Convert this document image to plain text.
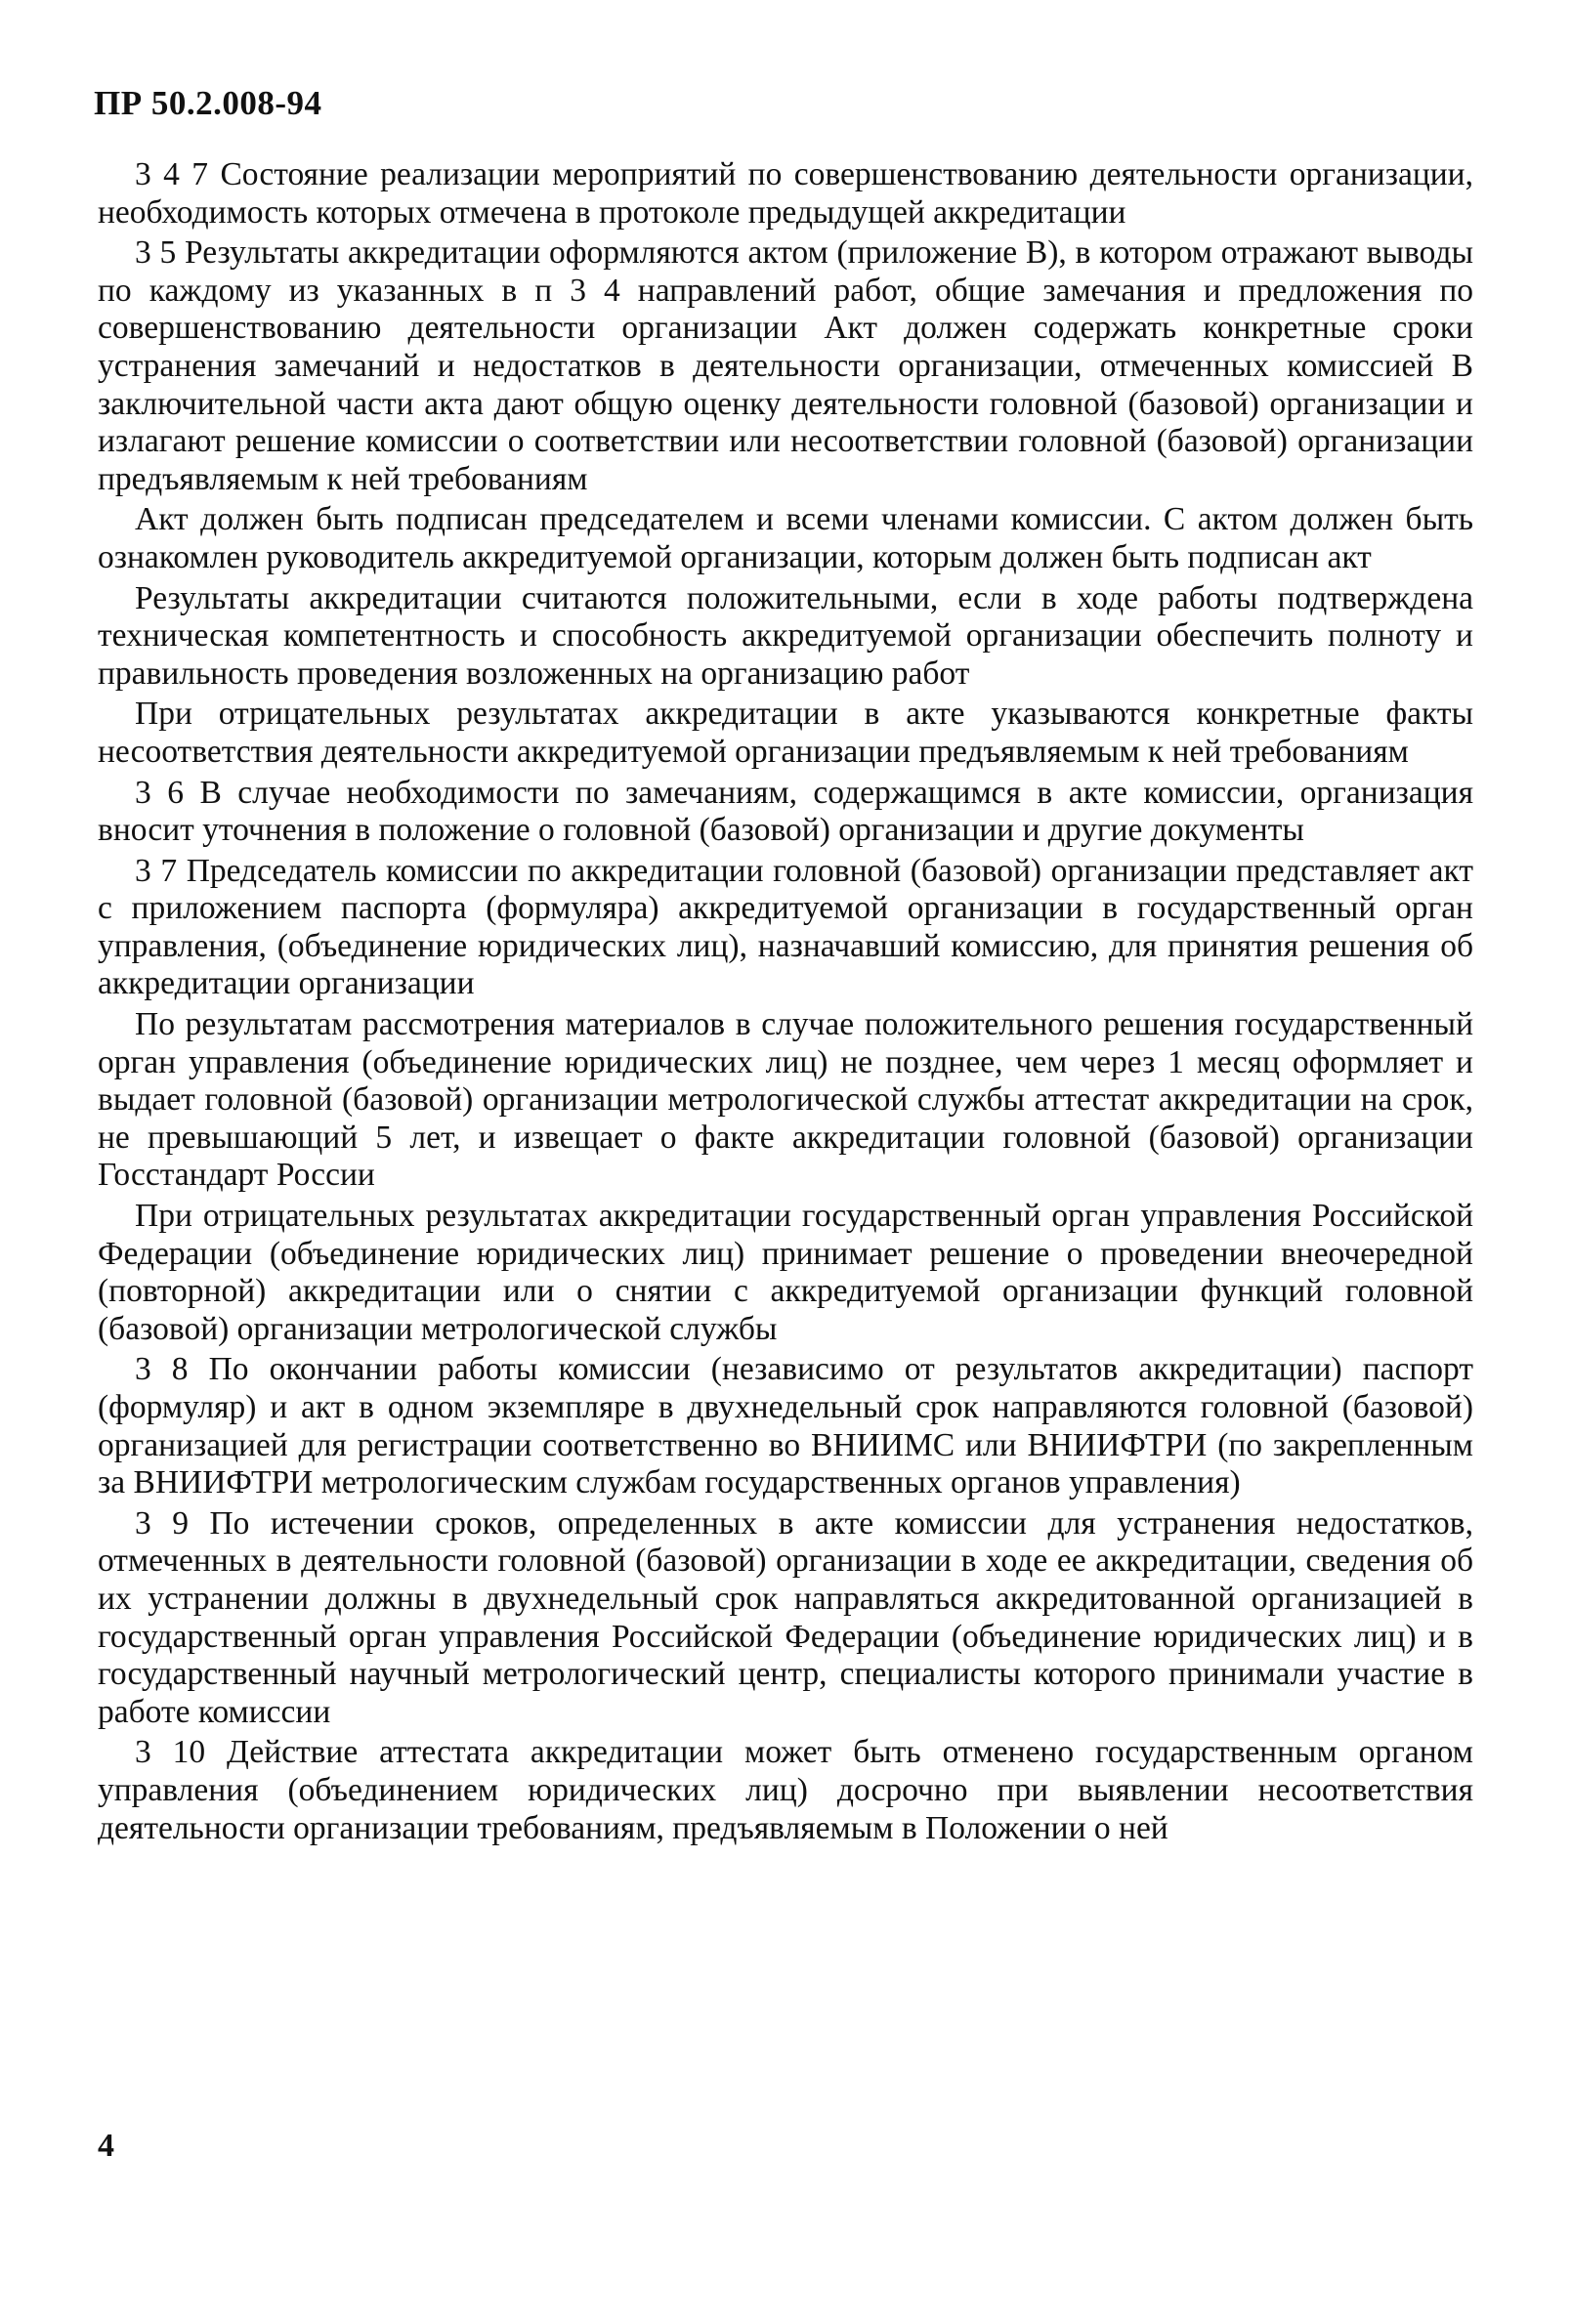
ПР 50.2.008-94

3 4 7 Состояние реализации мероприятий по совершенствованию деятельности организации, необходимость которых отмечена в протоколе предыдущей аккредитации

3 5 Результаты аккредитации оформляются актом (приложение В), в котором отражают выводы по каждому из указанных в п 3 4 направлений работ, общие замечания и предложения по совершенствованию деятельности организации Акт должен содержать конкретные сроки устранения замечаний и недостатков в деятельности организации, отмеченных комиссией В заключительной части акта дают общую оценку деятельности головной (базовой) организации и излагают решение комиссии о соответствии или несоответствии головной (базовой) организации предъявляемым к ней требованиям

Акт должен быть подписан председателем и всеми членами комиссии. С актом должен быть ознакомлен руководитель аккредитуемой организации, которым должен быть подписан акт

Результаты аккредитации считаются положительными, если в ходе работы подтверждена техническая компетентность и способность аккредитуемой организации обеспечить полноту и правильность проведения возложенных на организацию работ

При отрицательных результатах аккредитации в акте указываются конкретные факты несоответствия деятельности аккредитуемой организации предъявляемым к ней требованиям

3 6 В случае необходимости по замечаниям, содержащимся в акте комиссии, организация вносит уточнения в положение о головной (базовой) организации и другие документы

3 7 Председатель комиссии по аккредитации головной (базовой) организации представляет акт с приложением паспорта (формуляра) аккредитуемой организации в государственный орган управления, (объединение юридических лиц), назначавший комиссию, для принятия решения об аккредитации организации

По результатам рассмотрения материалов в случае положительного решения государственный орган управления (объединение юридических лиц) не позднее, чем через 1 месяц оформляет и выдает головной (базовой) организации метрологической службы аттестат аккредитации на срок, не превышающий 5 лет, и извещает о факте аккредитации головной (базовой) организации Госстандарт России

При отрицательных результатах аккредитации государственный орган управления Российской Федерации (объединение юридических лиц) принимает решение о проведении внеочередной (повторной) аккредитации или о снятии с аккредитуемой организации функций головной (базовой) организации метрологической службы

3 8 По окончании работы комиссии (независимо от результатов аккредитации) паспорт (формуляр) и акт в одном экземпляре в двухнедельный срок направляются головной (базовой) организацией для регистрации соответственно во ВНИИМС или ВНИИФТРИ (по закрепленным за ВНИИФТРИ метрологическим службам государственных органов управления)

3 9 По истечении сроков, определенных в акте комиссии для устранения недостатков, отмеченных в деятельности головной (базовой) организации в ходе ее аккредитации, сведения об их устранении должны в двухнедельный срок направляться аккредитованной организацией в государственный орган управления Российской Федерации (объединение юридических лиц) и в государственный научный метрологический центр, специалисты которого принимали участие в работе комиссии

3 10 Действие аттестата аккредитации может быть отменено государственным органом управления (объединением юридических лиц) досрочно при выявлении несоответствия деятельности организации требованиям, предъявляемым в Положении о ней

4
